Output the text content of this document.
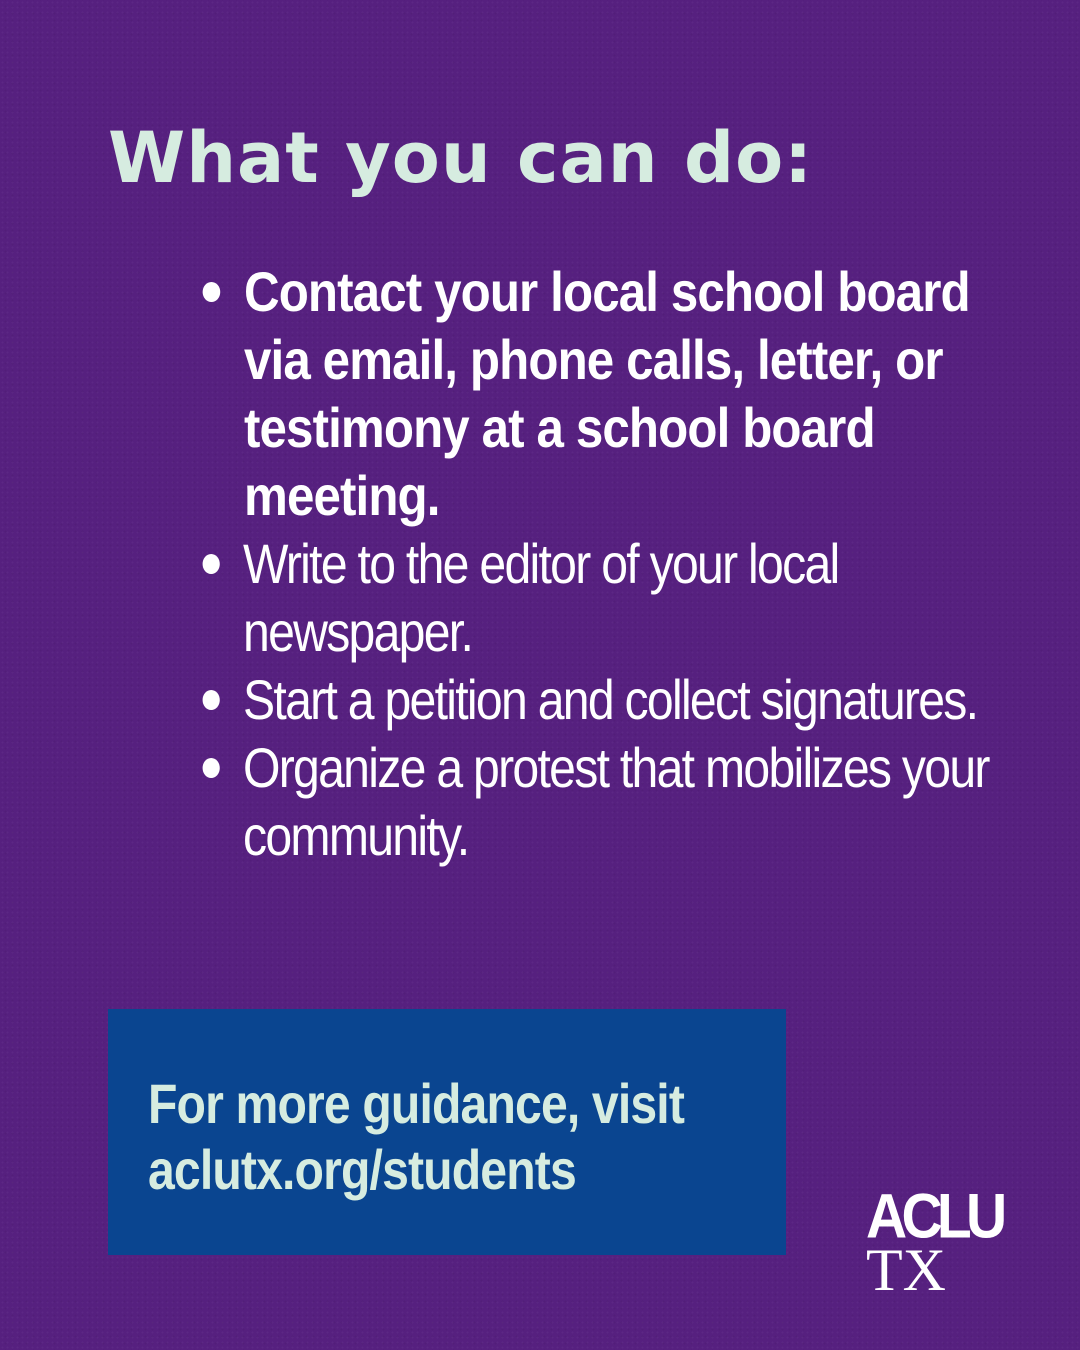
What you can do:
Contact your local school board via email, phone calls, letter, or testimony at a school board meeting.
Write to the editor of your local newspaper.
Start a petition and collect signatures.
Organize a protest that mobilizes your community.

For more guidance, visit
aclutx.org/students

ACLU
TX
